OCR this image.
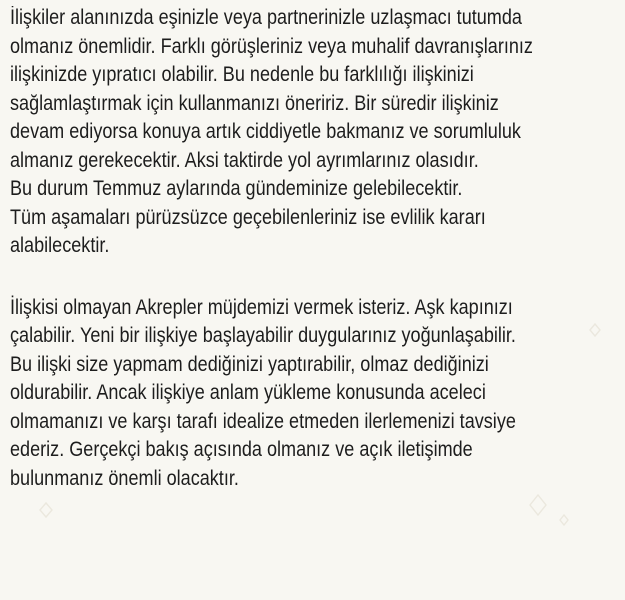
İlişkiler alanınızda eşinizle veya partnerinizle uzlaşmacı tutumda
olmanız önemlidir. Farklı görüşleriniz veya muhalif davranışlarınız
ilişkinizde yıpratıcı olabilir. Bu nedenle bu farklılığı ilişkinizi
sağlamlaştırmak için kullanmanızı öneririz. Bir süredir ilişkiniz
devam ediyorsa konuya artık ciddiyetle bakmanız ve sorumluluk
almanız gerekecektir. Aksi taktirde yol ayrımlarınız olasıdır.
Bu durum Temmuz aylarında gündeminize gelebilecektir.
Tüm aşamaları pürüzsüzce geçebilenleriniz ise evlilik kararı
alabilecektir.

İlişkisi olmayan Akrepler müjdemizi vermek isteriz. Aşk kapınızı
çalabilir. Yeni bir ilişkiye başlayabilir duygularınız yoğunlaşabilir.
Bu ilişki size yapmam dediğinizi yaptırabilir, olmaz dediğinizi
oldurabilir. Ancak ilişkiye anlam yükleme konusunda aceleci
olmamanızı ve karşı tarafı idealize etmeden ilerlemenizi tavsiye
ederiz. Gerçekçi bakış açısında olmanız ve açık iletişimde
bulunmanız önemli olacaktır.
